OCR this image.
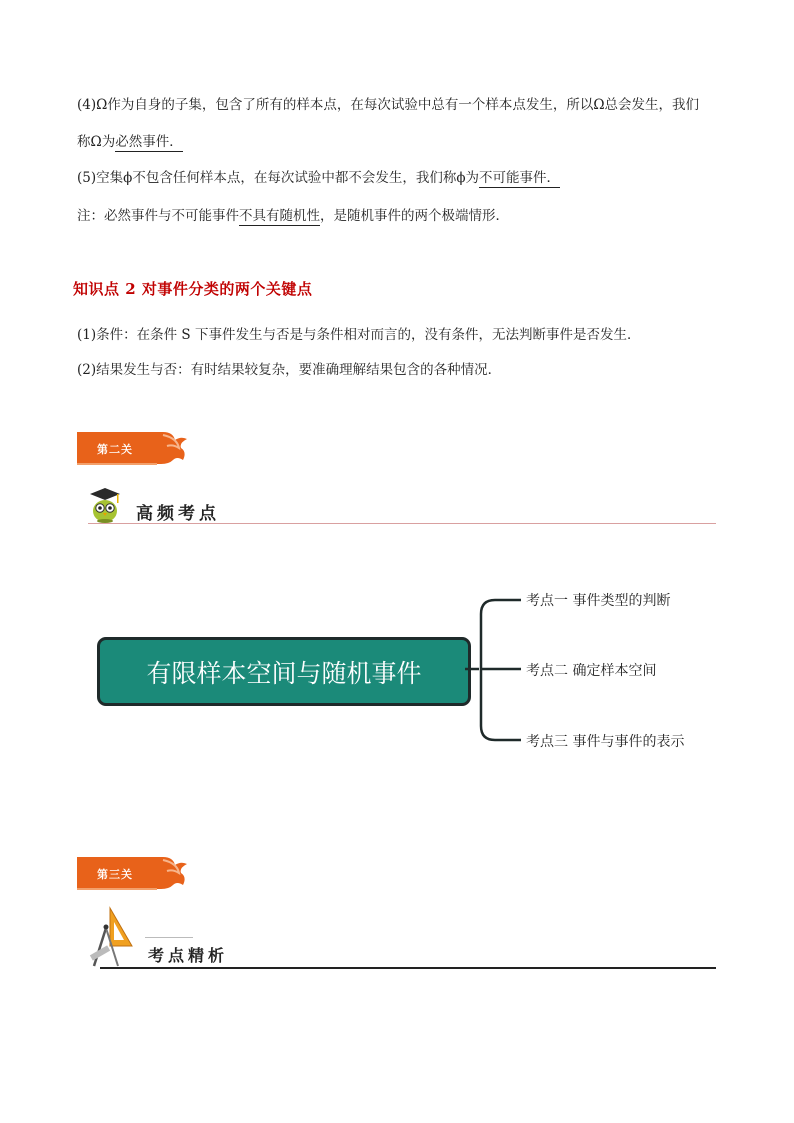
(4)Ω作为自身的子集，包含了所有的样本点，在每次试验中总有一个样本点发生，所以Ω总会发生，我们
称Ω为必然事件．
(5)空集ϕ不包含任何样本点，在每次试验中都不会发生，我们称ϕ为不可能事件．
注：必然事件与不可能事件不具有随机性，是随机事件的两个极端情形．
知识点 2 对事件分类的两个关键点
(1)条件：在条件 S 下事件发生与否是与条件相对而言的，没有条件，无法判断事件是否发生．
(2)结果发生与否：有时结果较复杂，要准确理解结果包含的各种情况．
第二关
高频考点
有限样本空间与随机事件
考点一 事件类型的判断
考点二 确定样本空间
考点三 事件与事件的表示
第三关
考点精析
